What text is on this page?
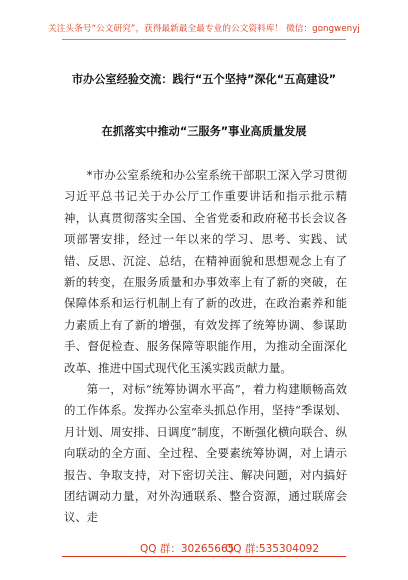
关注头条号“公文研究”，获得最新最全最专业的公文资料库！ 微信：gongwenyj
市办公室经验交流：践行“五个坚持”深化“五高建设”
在抓落实中推动“三服务”事业高质量发展

*市办公室系统和办公室系统干部职工深入学习贯彻习近平总书记关于办公厅工作重要讲话和指示批示精神，认真贯彻落实全国、全省党委和政府秘书长会议各项部署安排，经过一年以来的学习、思考、实践、试错、反思、沉淀、总结，在精神面貌和思想观念上有了新的转变，在服务质量和办事效率上有了新的突破，在保障体系和运行机制上有了新的改进，在政治素养和能力素质上有了新的增强，有效发挥了统筹协调、参谋助手、督促检查、服务保障等职能作用，为推动全面深化改革、推进中国式现代化玉溪实践贡献力量。

第一，对标“统筹协调水平高”，着力构建顺畅高效的工作体系。发挥办公室牵头抓总作用，坚持“季谋划、月计划、周安排、日调度”制度，不断强化横向联合、纵向联动的全方面、全过程、全要素统筹协调，对上请示报告、争取支持，对下密切关注、解决问题，对内搞好团结调动力量，对外沟通联系、整合资源，通过联席会议、走

QQ 群：30265665
QQ 群:535304092
